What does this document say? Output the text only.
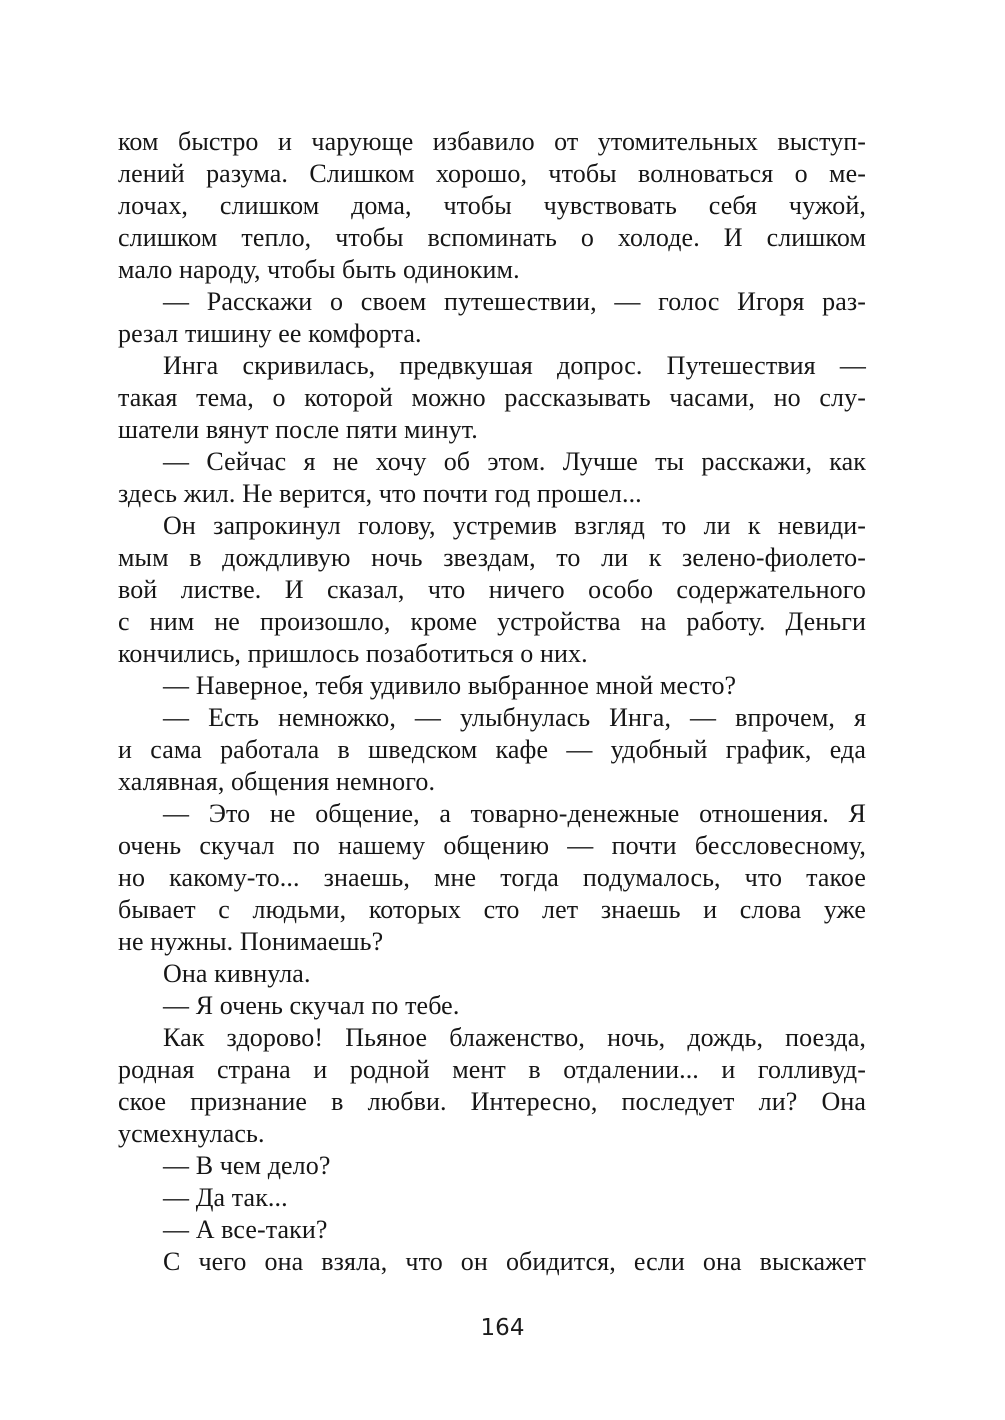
ком быстро и чарующе избавило от утомительных выступ-
лений разума. Слишком хорошо, чтобы волноваться о ме-
лочах, слишком дома, чтобы чувствовать себя чужой,
слишком тепло, чтобы вспоминать о холоде. И слишком
мало народу, чтобы быть одиноким.
— Расскажи о своем путешествии, — голос Игоря раз-
резал тишину ее комфорта.
Инга скривилась, предвкушая допрос. Путешествия —
такая тема, о которой можно рассказывать часами, но слу-
шатели вянут после пяти минут.
— Сейчас я не хочу об этом. Лучше ты расскажи, как
здесь жил. Не верится, что почти год прошел...
Он запрокинул голову, устремив взгляд то ли к невиди-
мым в дождливую ночь звездам, то ли к зелено-фиолето-
вой листве. И сказал, что ничего особо содержательного
с ним не произошло, кроме устройства на работу. Деньги
кончились, пришлось позаботиться о них.
— Наверное, тебя удивило выбранное мной место?
— Есть немножко, — улыбнулась Инга, — впрочем, я
и сама работала в шведском кафе — удобный график, еда
халявная, общения немного.
— Это не общение, а товарно-денежные отношения. Я
очень скучал по нашему общению — почти бессловесному,
но какому-то... знаешь, мне тогда подумалось, что такое
бывает с людьми, которых сто лет знаешь и слова уже
не нужны. Понимаешь?
Она кивнула.
— Я очень скучал по тебе.
Как здорово! Пьяное блаженство, ночь, дождь, поезда,
родная страна и родной мент в отдалении... и голливуд-
ское признание в любви. Интересно, последует ли? Она
усмехнулась.
— В чем дело?
— Да так...
— А все-таки?
С чего она взяла, что он обидится, если она выскажет
164
